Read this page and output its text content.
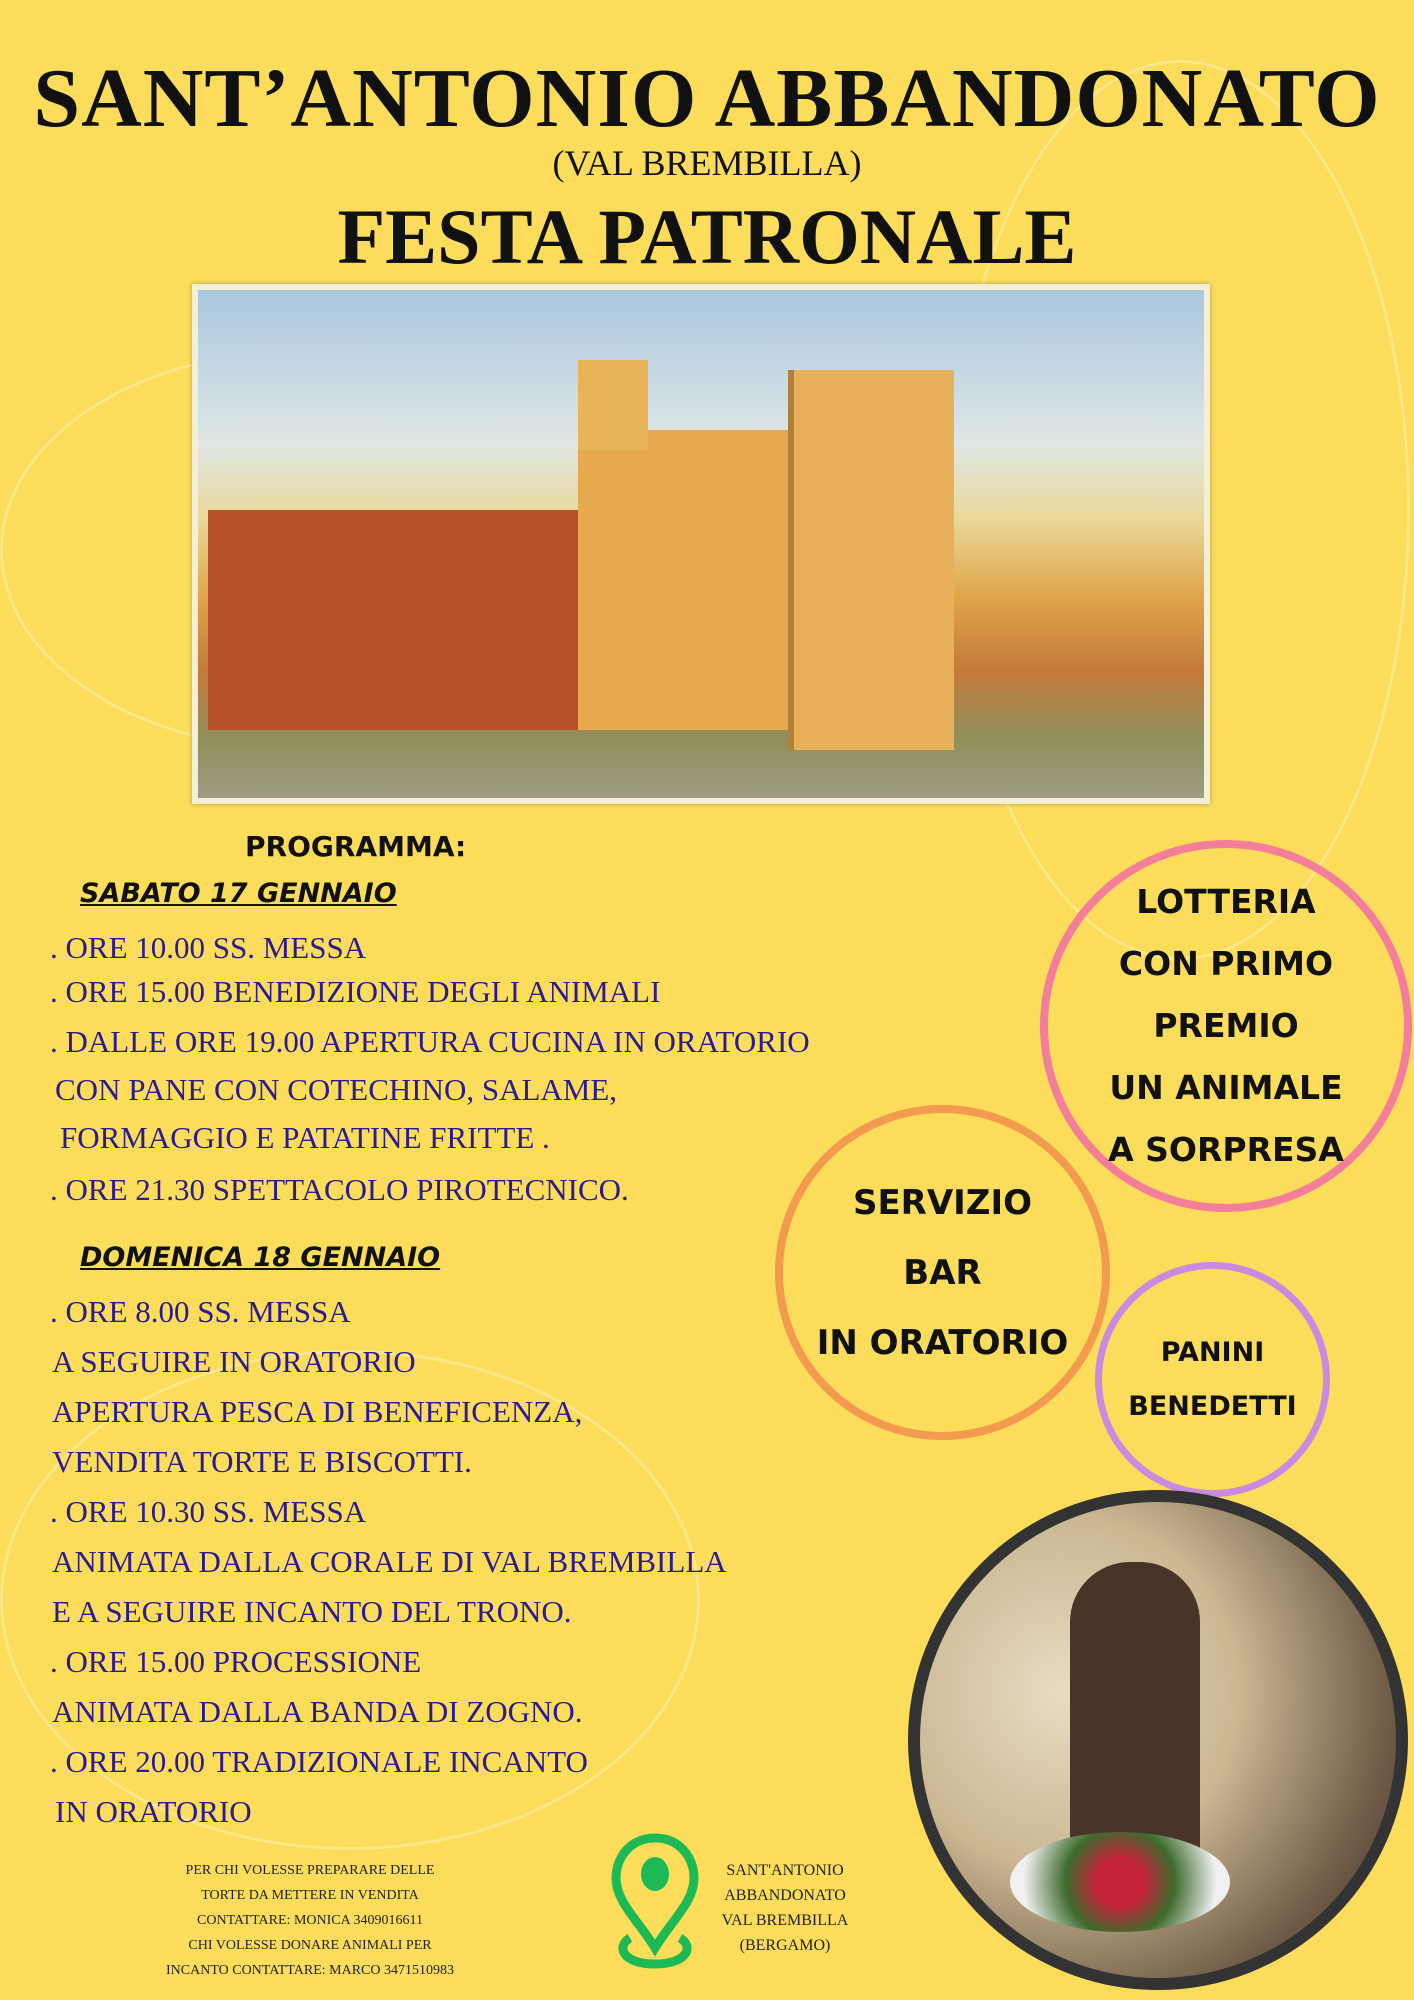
SANT’ANTONIO ABBANDONATO
(VAL BREMBILLA)
FESTA PATRONALE
PROGRAMMA:
SABATO 17 GENNAIO
. ORE 10.00 SS. MESSA
. ORE 15.00 BENEDIZIONE DEGLI ANIMALI
. DALLE ORE 19.00 APERTURA CUCINA IN ORATORIO
CON PANE CON COTECHINO, SALAME,
FORMAGGIO E PATATINE FRITTE .
. ORE 21.30 SPETTACOLO PIROTECNICO.
DOMENICA 18 GENNAIO
. ORE 8.00 SS. MESSA
A SEGUIRE IN ORATORIO
APERTURA PESCA DI BENEFICENZA,
VENDITA TORTE E BISCOTTI.
. ORE 10.30 SS. MESSA
ANIMATA DALLA CORALE DI VAL BREMBILLA
E A SEGUIRE INCANTO DEL TRONO.
. ORE 15.00 PROCESSIONE
ANIMATA DALLA BANDA DI ZOGNO.
. ORE 20.00 TRADIZIONALE INCANTO
IN ORATORIO
LOTTERIA
CON PRIMO
PREMIO
UN ANIMALE
A SORPRESA
SERVIZIO
BAR
IN ORATORIO	PANINI
BENEDETTI
PER CHI VOLESSE PREPARARE DELLE
TORTE DA METTERE IN VENDITA
CONTATTARE: MONICA 3409016611
CHI VOLESSE DONARE ANIMALI PER
INCANTO CONTATTARE: MARCO 3471510983
SANT'ANTONIO
ABBANDONATO
VAL BREMBILLA
(BERGAMO)
